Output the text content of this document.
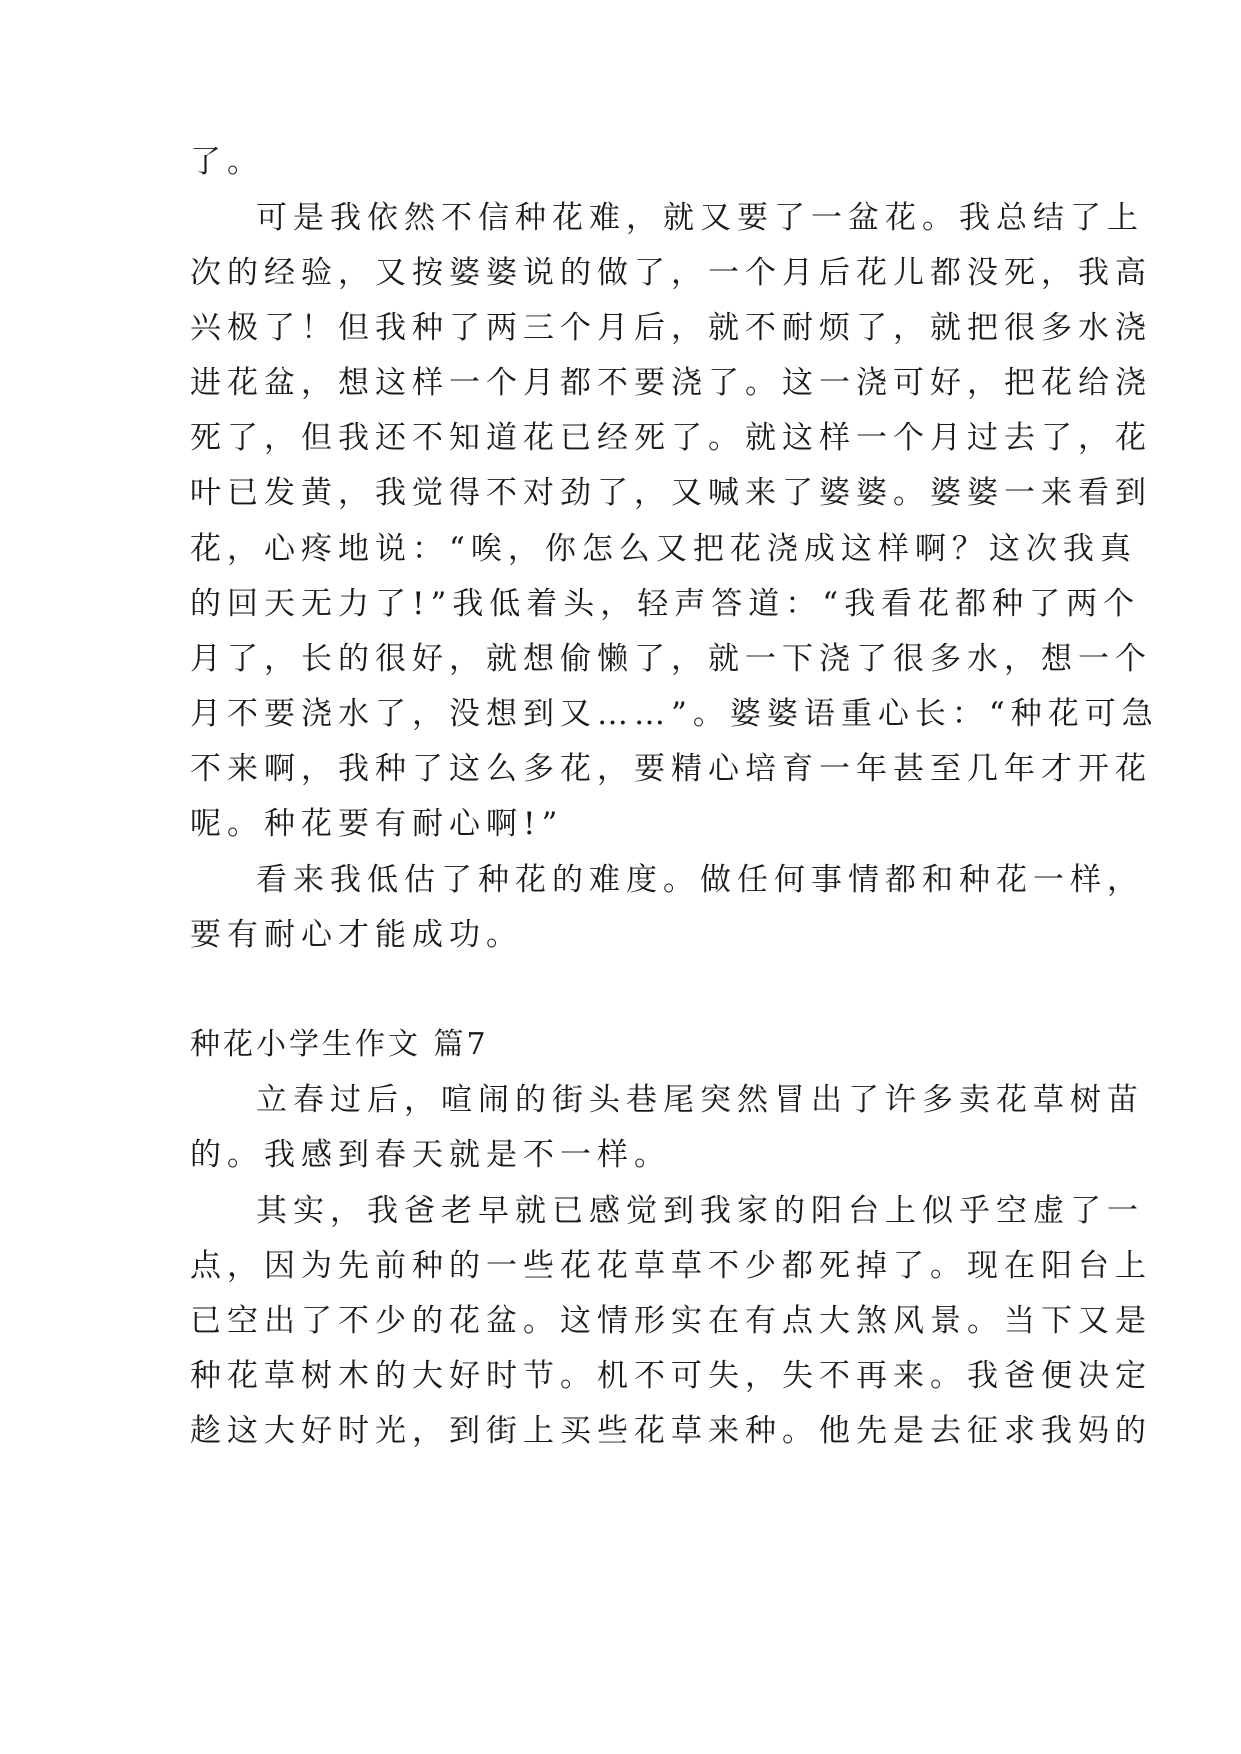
了。
可是我依然不信种花难，就又要了一盆花。我总结了上
次的经验，又按婆婆说的做了，一个月后花儿都没死，我高
兴极了！但我种了两三个月后，就不耐烦了，就把很多水浇
进花盆，想这样一个月都不要浇了。这一浇可好，把花给浇
死了，但我还不知道花已经死了。就这样一个月过去了，花
叶已发黄，我觉得不对劲了，又喊来了婆婆。婆婆一来看到
花，心疼地说：“唉，你怎么又把花浇成这样啊？这次我真
的回天无力了!”我低着头，轻声答道：“我看花都种了两个
月了，长的很好，就想偷懒了，就一下浇了很多水，想一个
月不要浇水了，没想到又……”。婆婆语重心长：“种花可急
不来啊，我种了这么多花，要精心培育一年甚至几年才开花
呢。种花要有耐心啊!”
看来我低估了种花的难度。做任何事情都和种花一样，
要有耐心才能成功。
种花小学生作文 篇7
立春过后，喧闹的街头巷尾突然冒出了许多卖花草树苗
的。我感到春天就是不一样。
其实，我爸老早就已感觉到我家的阳台上似乎空虚了一
点，因为先前种的一些花花草草不少都死掉了。现在阳台上
已空出了不少的花盆。这情形实在有点大煞风景。当下又是
种花草树木的大好时节。机不可失，失不再来。我爸便决定
趁这大好时光，到街上买些花草来种。他先是去征求我妈的
